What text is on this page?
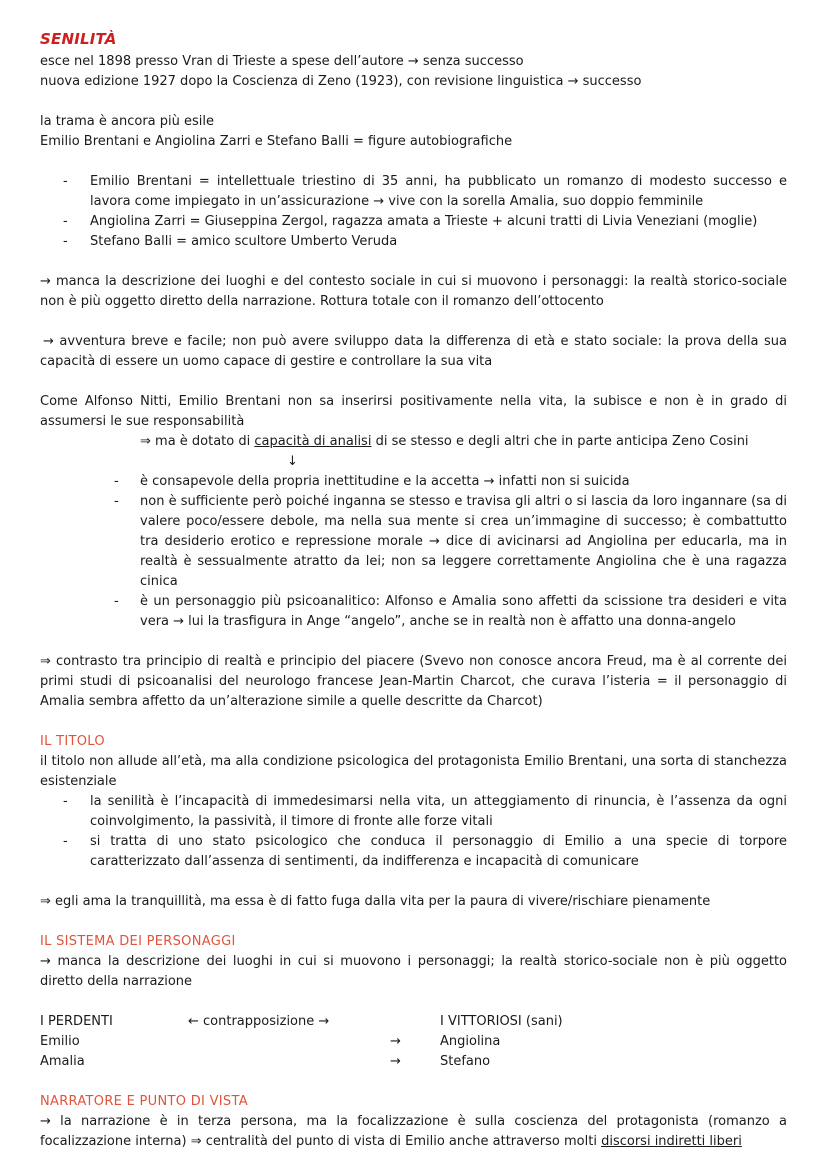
SENILITÀ
esce nel 1898 presso Vran di Trieste a spese dell’autore → senza successo
nuova edizione 1927 dopo la Coscienza di Zeno (1923), con revisione linguistica → successo
la trama è ancora più esile
Emilio Brentani e Angiolina Zarri e Stefano Balli = figure autobiografiche
- Emilio Brentani = intellettuale triestino di 35 anni, ha pubblicato un romanzo di modesto successo e lavora come impiegato in un’assicurazione → vive con la sorella Amalia, suo doppio femminile
- Angiolina Zarri = Giuseppina Zergol, ragazza amata a Trieste + alcuni tratti di Livia Veneziani (moglie)
- Stefano Balli = amico scultore Umberto Veruda
→ manca la descrizione dei luoghi e del contesto sociale in cui si muovono i personaggi: la realtà storico-sociale non è più oggetto diretto della narrazione. Rottura totale con il romanzo dell’ottocento
→ avventura breve e facile; non può avere sviluppo data la differenza di età e stato sociale: la prova della sua capacità di essere un uomo capace di gestire e controllare la sua vita
Come Alfonso Nitti, Emilio Brentani non sa inserirsi positivamente nella vita, la subisce e non è in grado di assumersi le sue responsabilità
⇒ ma è dotato di capacità di analisi di se stesso e degli altri che in parte anticipa Zeno Cosini
↓
- è consapevole della propria inettitudine e la accetta → infatti non si suicida
- non è sufficiente però poiché inganna se stesso e travisa gli altri o si lascia da loro ingannare (sa di valere poco/essere debole, ma nella sua mente si crea un’immagine di successo; è combattutto tra desiderio erotico e repressione morale → dice di avicinarsi ad Angiolina per educarla, ma in realtà è sessualmente atratto da lei; non sa leggere correttamente Angiolina che è una ragazza cinica
- è un personaggio più psicoanalitico: Alfonso e Amalia sono affetti da scissione tra desideri e vita vera → lui la trasfigura in Ange “angelo”, anche se in realtà non è affatto una donna-angelo
⇒ contrasto tra principio di realtà e principio del piacere (Svevo non conosce ancora Freud, ma è al corrente dei primi studi di psicoanalisi del neurologo francese Jean-Martin Charcot, che curava l’isteria = il personaggio di Amalia sembra affetto da un’alterazione simile a quelle descritte da Charcot)
IL TITOLO
il titolo non allude all’età, ma alla condizione psicologica del protagonista Emilio Brentani, una sorta di stanchezza esistenziale
- la senilità è l’incapacità di immedesimarsi nella vita, un atteggiamento di rinuncia, è l’assenza da ogni coinvolgimento, la passività, il timore di fronte alle forze vitali
- si tratta di uno stato psicologico che conduca il personaggio di Emilio a una specie di torpore caratterizzato dall’assenza di sentimenti, da indifferenza e incapacità di comunicare
⇒ egli ama la tranquillità, ma essa è di fatto fuga dalla vita per la paura di vivere/rischiare pienamente
IL SISTEMA DEI PERSONAGGI
→ manca la descrizione dei luoghi in cui si muovono i personaggi; la realtà storico-sociale non è più oggetto diretto della narrazione
I PERDENTI	← contrapposizione →	I VITTORIOSI (sani)
Emilio	→	Angiolina
Amalia	→	Stefano
NARRATORE E PUNTO DI VISTA
→ la narrazione è in terza persona, ma la focalizzazione è sulla coscienza del protagonista (romanzo a focalizzazione interna) ⇒ centralità del punto di vista di Emilio anche attraverso molti discorsi indiretti liberi
